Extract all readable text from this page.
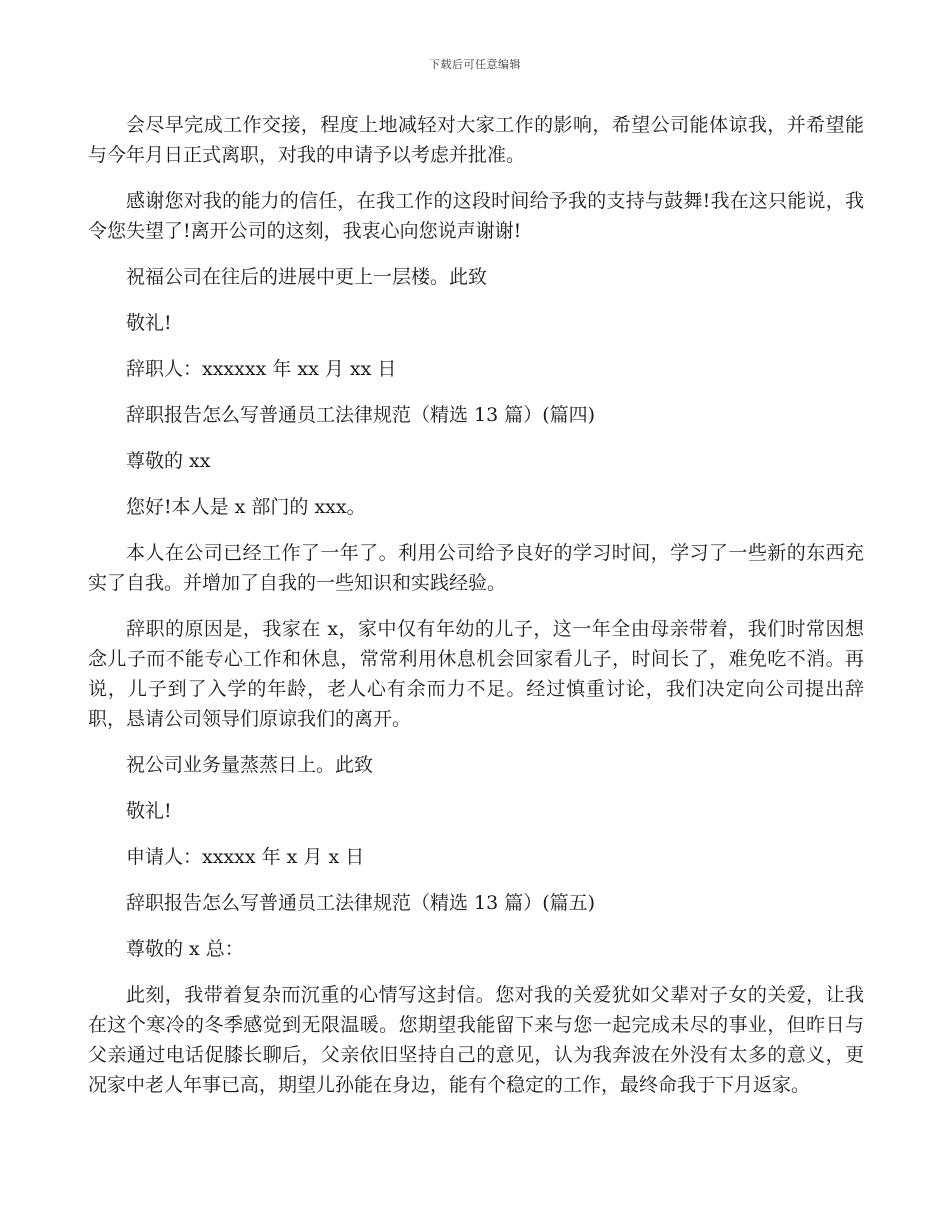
下载后可任意编辑

会尽早完成工作交接，程度上地减轻对大家工作的影响，希望公司能体谅我，并希望能与今年月日正式离职，对我的申请予以考虑并批准。

感谢您对我的能力的信任，在我工作的这段时间给予我的支持与鼓舞!我在这只能说，我令您失望了!离开公司的这刻，我衷心向您说声谢谢!

祝福公司在往后的进展中更上一层楼。此致

敬礼!

辞职人：xxxxxx 年 xx 月 xx 日

辞职报告怎么写普通员工法律规范（精选 13 篇）(篇四)

尊敬的 xx

您好!本人是 x 部门的 xxx。

本人在公司已经工作了一年了。利用公司给予良好的学习时间，学习了一些新的东西充实了自我。并增加了自我的一些知识和实践经验。

辞职的原因是，我家在 x，家中仅有年幼的儿子，这一年全由母亲带着，我们时常因想念儿子而不能专心工作和休息，常常利用休息机会回家看儿子，时间长了，难免吃不消。再说，儿子到了入学的年龄，老人心有余而力不足。经过慎重讨论，我们决定向公司提出辞职，恳请公司领导们原谅我们的离开。

祝公司业务量蒸蒸日上。此致

敬礼!

申请人：xxxxx 年 x 月 x 日

辞职报告怎么写普通员工法律规范（精选 13 篇）(篇五)

尊敬的 x 总：

此刻，我带着复杂而沉重的心情写这封信。您对我的关爱犹如父辈对子女的关爱，让我在这个寒冷的冬季感觉到无限温暖。您期望我能留下来与您一起完成未尽的事业，但昨日与父亲通过电话促膝长聊后，父亲依旧坚持自己的意见，认为我奔波在外没有太多的意义，更况家中老人年事已高，期望儿孙能在身边，能有个稳定的工作，最终命我于下月返家。
